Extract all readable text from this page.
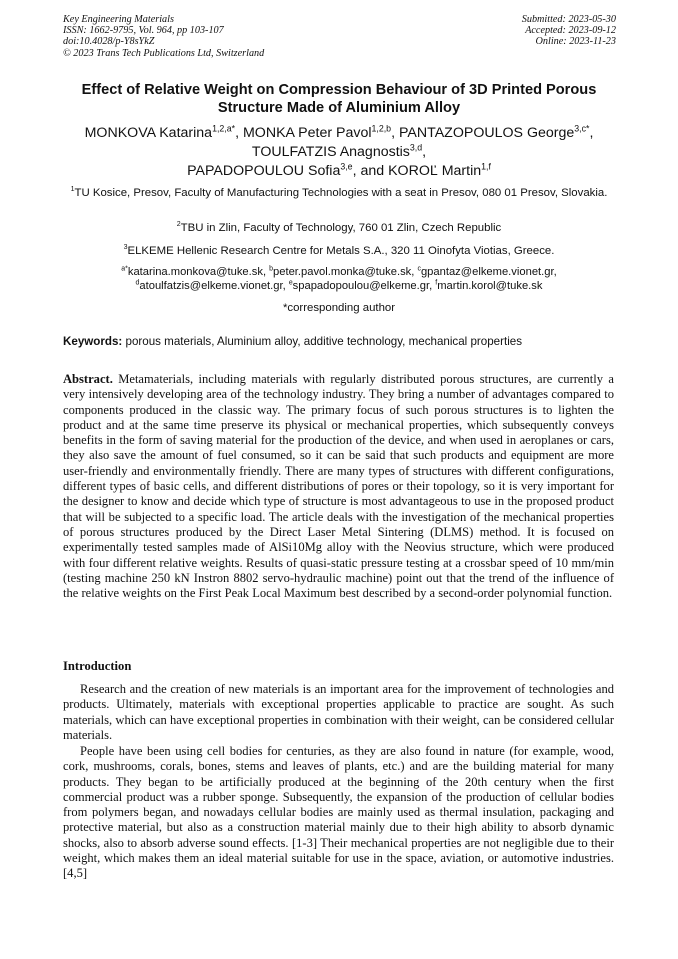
Key Engineering Materials
ISSN: 1662-9795, Vol. 964, pp 103-107
doi:10.4028/p-Y8sYkZ
© 2023 Trans Tech Publications Ltd, Switzerland
Submitted: 2023-05-30
Accepted: 2023-09-12
Online: 2023-11-23
Effect of Relative Weight on Compression Behaviour of 3D Printed Porous Structure Made of Aluminium Alloy
MONKOVA Katarina$^{1,2,a*}$, MONKA Peter Pavol$^{1,2,b}$, PANTAZOPOULOS George$^{3,c*}$, TOULFATZIS Anagnostis$^{3,d}$,
PAPADOPOULOU Sofia$^{3,e}$, and KOROĽ Martin$^{1,f}$
$^1$TU Kosice, Presov, Faculty of Manufacturing Technologies with a seat in Presov, 080 01 Presov, Slovakia.
$^2$TBU in Zlin, Faculty of Technology, 760 01 Zlin, Czech Republic
$^3$ELKEME Hellenic Research Centre for Metals S.A., 320 11 Oinofyta Viotias, Greece.
$^{a*}$katarina.monkova@tuke.sk, $^b$peter.pavol.monka@tuke.sk, $^c$gpantaz@elkeme.vionet.gr,
$^d$atoulfatzis@elkeme.vionet.gr, $^e$spapadopoulou@elkeme.gr, $^f$martin.korol@tuke.sk
*corresponding author
Keywords: porous materials, Aluminium alloy, additive technology, mechanical properties
Abstract. Metamaterials, including materials with regularly distributed porous structures, are currently a very intensively developing area of the technology industry. They bring a number of advantages compared to components produced in the classic way. The primary focus of such porous structures is to lighten the product and at the same time preserve its physical or mechanical properties, which subsequently conveys benefits in the form of saving material for the production of the device, and when used in aeroplanes or cars, they also save the amount of fuel consumed, so it can be said that such products and equipment are more user-friendly and environmentally friendly. There are many types of structures with different configurations, different types of basic cells, and different distributions of pores or their topology, so it is very important for the designer to know and decide which type of structure is most advantageous to use in the proposed product that will be subjected to a specific load. The article deals with the investigation of the mechanical properties of porous structures produced by the Direct Laser Metal Sintering (DLMS) method. It is focused on experimentally tested samples made of AlSi10Mg alloy with the Neovius structure, which were produced with four different relative weights. Results of quasi-static pressure testing at a crossbar speed of 10 mm/min (testing machine 250 kN Instron 8802 servo-hydraulic machine) point out that the trend of the influence of the relative weights on the First Peak Local Maximum best described by a second-order polynomial function.
Introduction
Research and the creation of new materials is an important area for the improvement of technologies and products. Ultimately, materials with exceptional properties applicable to practice are sought. As such materials, which can have exceptional properties in combination with their weight, can be considered cellular materials.
People have been using cell bodies for centuries, as they are also found in nature (for example, wood, cork, mushrooms, corals, bones, stems and leaves of plants, etc.) and are the building material for many products. They began to be artificially produced at the beginning of the 20th century when the first commercial product was a rubber sponge. Subsequently, the expansion of the production of cellular bodies from polymers began, and nowadays cellular bodies are mainly used as thermal insulation, packaging and protective material, but also as a construction material mainly due to their high ability to absorb dynamic shocks, also to absorb adverse sound effects. [1-3] Their mechanical properties are not negligible due to their weight, which makes them an ideal material suitable for use in the space, aviation, or automotive industries. [4,5]
